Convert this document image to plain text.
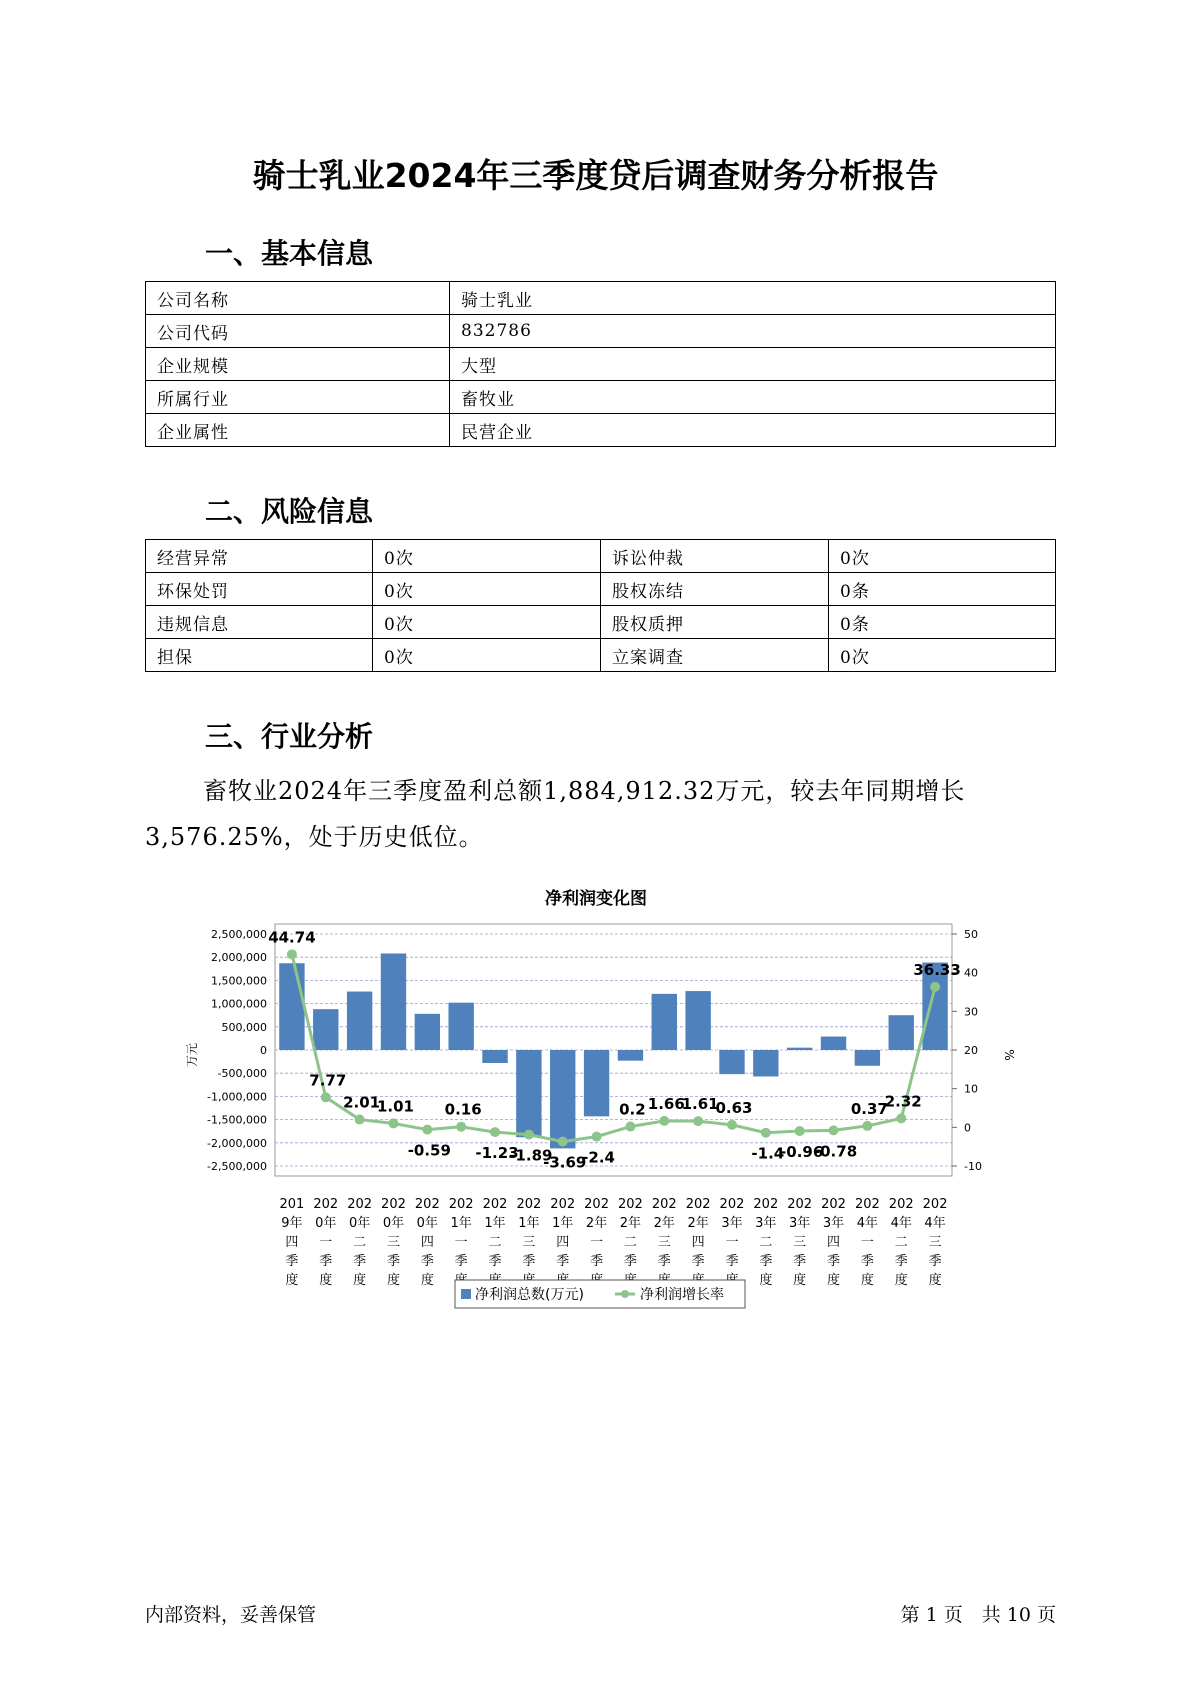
骑士乳业2024年三季度贷后调查财务分析报告
一、基本信息
公司名称	骑士乳业
公司代码	832786
企业规模	大型
所属行业	畜牧业
企业属性	民营企业
二、风险信息
经营异常	0次	诉讼仲裁	0次
环保处罚	0次	股权冻结	0条
违规信息	0次	股权质押	0条
担保	0次	立案调查	0次
三、行业分析
畜牧业2024年三季度盈利总额1,884,912.32万元，较去年同期增长3,576.25%，处于历史低位。
净利润变化图
2,500,000
2,000,000
1,500,000
1,000,000
500,000
0
-500,000
-1,000,000
-1,500,000
-2,000,000
-2,500,000
50
40
30
20
10
0
-10
万元	%
44.74
7.77
2.01
1.01
-0.59
0.16
-1.23
-1.89
-3.69
-2.4
0.2 1.66
1.61
0.63
-1.4
-0.96
-0.78
0.37
2.32
36.33
201 9年四季度
202 0年一季度
202 0年二季度
202 0年三季度
202 0年四季度
202 1年一季
202 1年二季
202 1年三季
202 1年四季
202 2年一季
202 2年二季
202 2年三季
202 2年四季
202 3年一季
202 3年二季度
202 3年三季度
202 3年四季度
202 4年一季度
202 4年二季度
202 4年三季度
净利润总数(万元)	净利润增长率
内部资料，妥善保管	第 1 页　共 10 页
